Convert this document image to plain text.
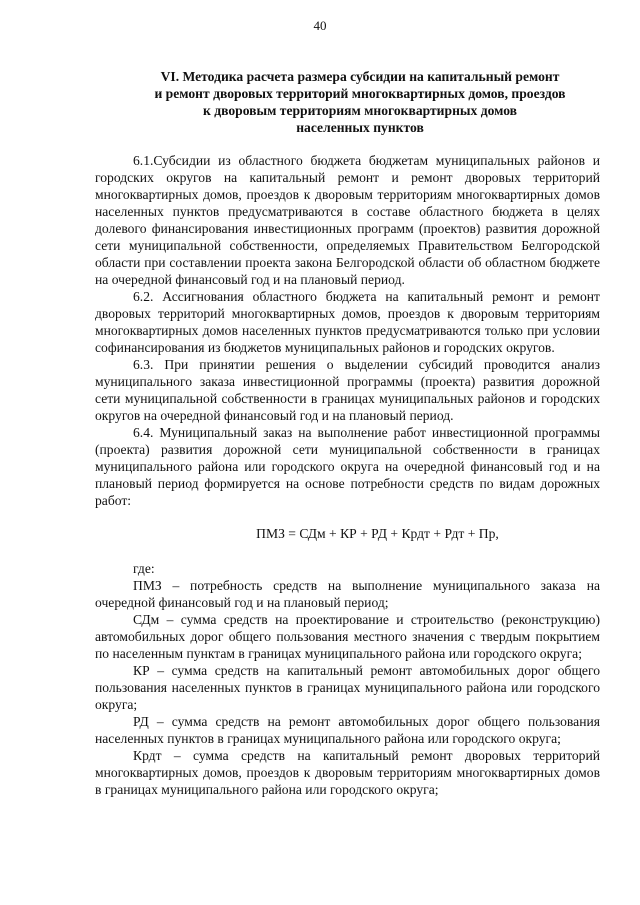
40
VI. Методика расчета размера субсидии на капитальный ремонт
и ремонт дворовых территорий многоквартирных домов, проездов
к дворовым территориям многоквартирных домов
населенных пунктов

6.1.Субсидии из областного бюджета бюджетам муниципальных районов и городских округов на капитальный ремонт и ремонт дворовых территорий многоквартирных домов, проездов к дворовым территориям многоквартирных домов населенных пунктов предусматриваются в составе областного бюджета в целях долевого финансирования инвестиционных программ (проектов) развития дорожной сети муниципальной собственности, определяемых Правительством Белгородской области при составлении проекта закона Белгородской области об областном бюджете на очередной финансовый год и на плановый период.

6.2. Ассигнования областного бюджета на капитальный ремонт и ремонт дворовых территорий многоквартирных домов, проездов к дворовым территориям многоквартирных домов населенных пунктов предусматриваются только при условии софинансирования из бюджетов муниципальных районов и городских округов.

6.3. При принятии решения о выделении субсидий проводится анализ муниципального заказа инвестиционной программы (проекта) развития дорожной сети муниципальной собственности в границах муниципальных районов и городских округов на очередной финансовый год и на плановый период.

6.4. Муниципальный заказ на выполнение работ инвестиционной программы (проекта) развития дорожной сети муниципальной собственности в границах муниципального района или городского округа на очередной финансовый год и на плановый период формируется на основе потребности средств по видам дорожных работ:

ПМЗ = СДм + КР + РД + Крдт + Рдт + Пр,

где:

ПМЗ – потребность средств на выполнение муниципального заказа на очередной финансовый год и на плановый период;

СДм – сумма средств на проектирование и строительство (реконструкцию) автомобильных дорог общего пользования местного значения с твердым покрытием по населенным пунктам в границах муниципального района или городского округа;

КР – сумма средств на капитальный ремонт автомобильных дорог общего пользования населенных пунктов в границах муниципального района или городского округа;

РД – сумма средств на ремонт автомобильных дорог общего пользования населенных пунктов в границах муниципального района или городского округа;

Крдт – сумма средств на капитальный ремонт дворовых территорий многоквартирных домов, проездов к дворовым территориям многоквартирных домов в границах муниципального района или городского округа;
